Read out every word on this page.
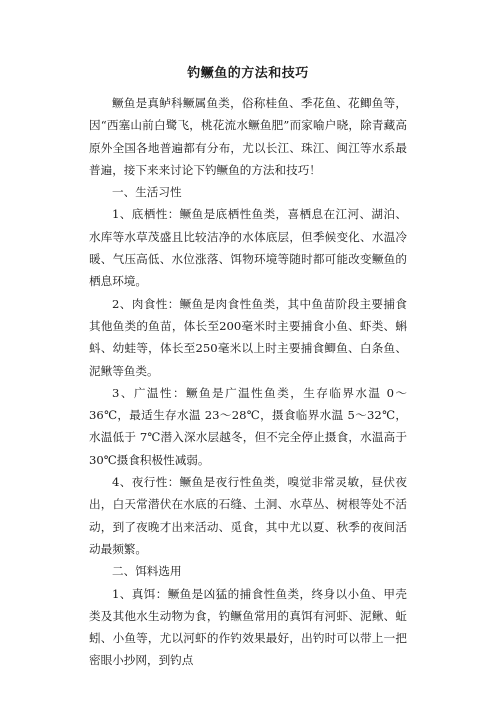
钓鳜鱼的方法和技巧

鳜鱼是真鲈科鳜属鱼类，俗称桂鱼、季花鱼、花鲫鱼等，因“西塞山前白鹭飞，桃花流水鳜鱼肥”而家喻户晓，除青藏高原外全国各地普遍都有分布，尤以长江、珠江、闽江等水系最普遍，接下来来讨论下钓鳜鱼的方法和技巧！

一、生活习性

1、底栖性：鳜鱼是底栖性鱼类，喜栖息在江河、湖泊、水库等水草茂盛且比较洁净的水体底层，但季候变化、水温冷暖、气压高低、水位涨落、饵物环境等随时都可能改变鳜鱼的栖息环境。

2、肉食性：鳜鱼是肉食性鱼类，其中鱼苗阶段主要捕食其他鱼类的鱼苗，体长至200毫米时主要捕食小鱼、虾类、蝌蚪、幼蛙等，体长至250毫米以上时主要捕食鲫鱼、白条鱼、泥鳅等鱼类。

3、广温性：鳜鱼是广温性鱼类，生存临界水温 0～36℃，最适生存水温 23～28℃，摄食临界水温 5～32℃，水温低于 7℃潜入深水层越冬，但不完全停止摄食，水温高于 30℃摄食积极性减弱。

4、夜行性：鳜鱼是夜行性鱼类，嗅觉非常灵敏，昼伏夜出，白天常潜伏在水底的石缝、土洞、水草丛、树根等处不活动，到了夜晚才出来活动、觅食，其中尤以夏、秋季的夜间活动最频繁。

二、饵料选用

1、真饵：鳜鱼是凶猛的捕食性鱼类，终身以小鱼、甲壳类及其他水生动物为食，钓鳜鱼常用的真饵有河虾、泥鳅、蚯蚓、小鱼等，尤以河虾的作钓效果最好，出钓时可以带上一把密眼小抄网，到钓点
